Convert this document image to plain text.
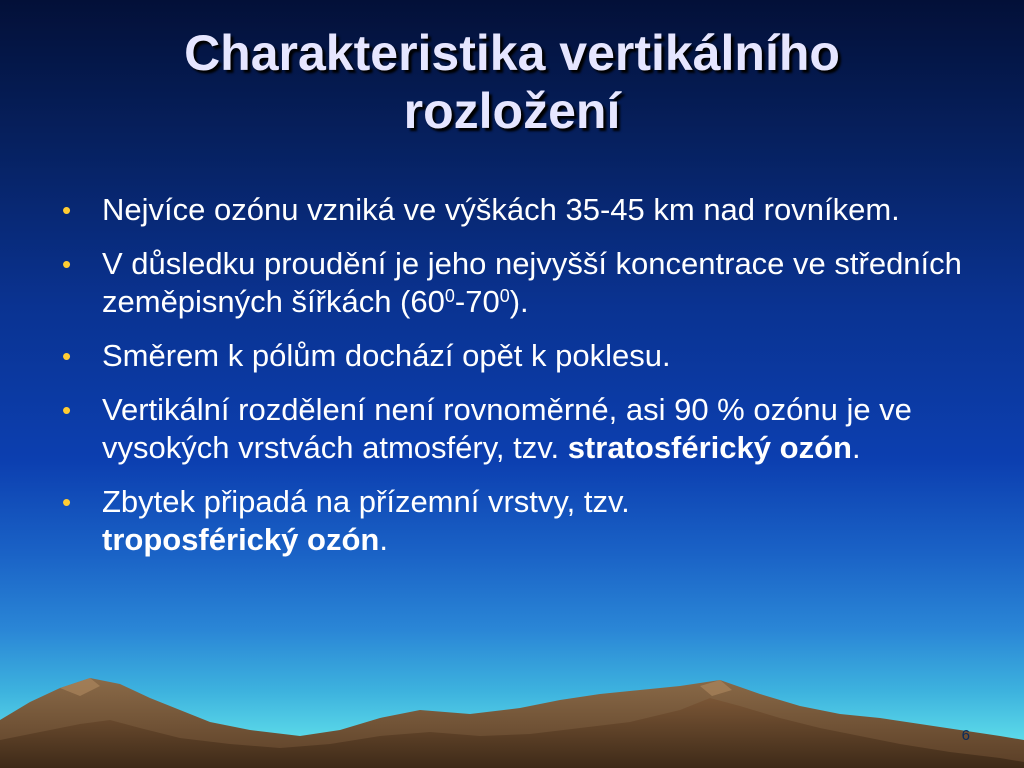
Charakteristika vertikálního
rozložení
• Nejvíce ozónu vzniká ve výškách 35-45 km nad rovníkem.
• V důsledku proudění je jeho nejvyšší koncentrace ve středních zeměpisných šířkách $(60^0-70^0)$.
• Směrem k pólům dochází opět k poklesu.
• Vertikální rozdělení není rovnoměrné, asi 90 % ozónu je ve vysokých vrstvách atmosféry, tzv. stratosférický ozón.
• Zbytek připadá na přízemní vrstvy, tzv.
troposférický ozón.
6
